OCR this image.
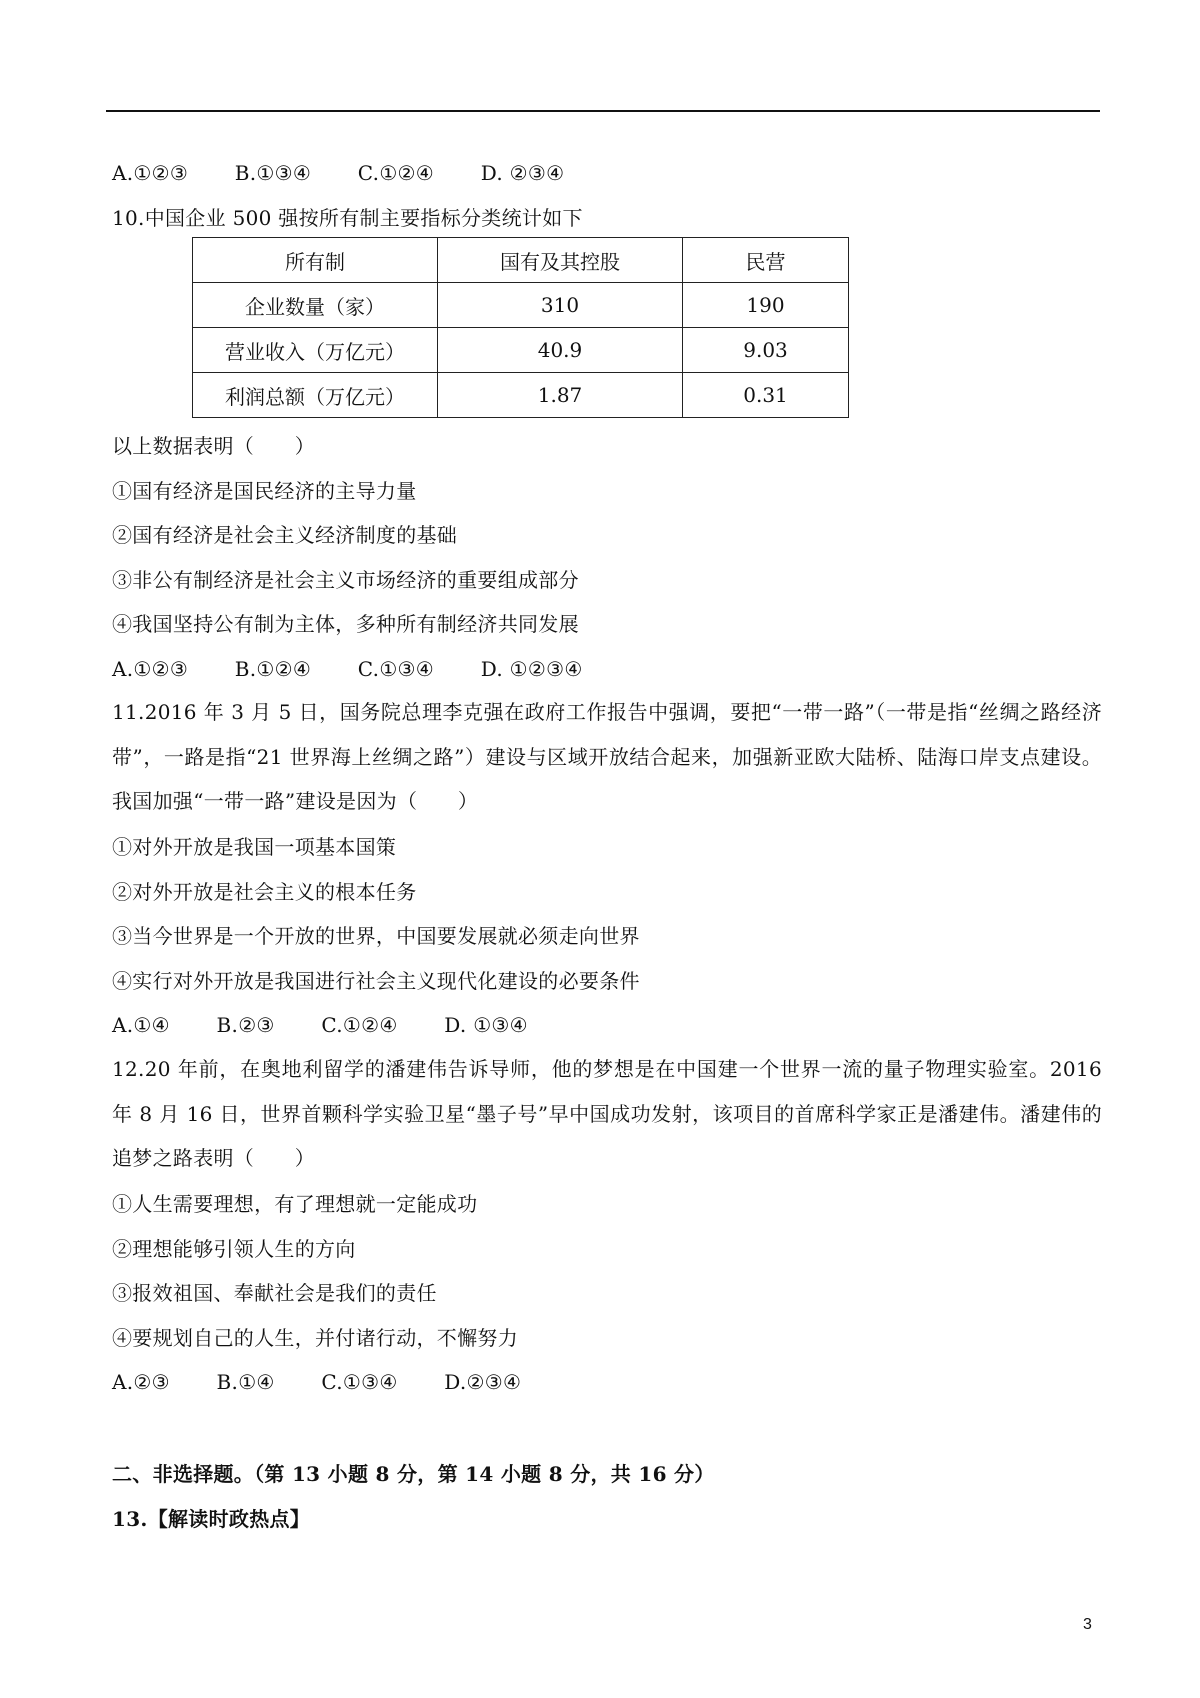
A.①②③ B.①③④ C.①②④ D. ②③④
10.中国企业 500 强按所有制主要指标分类统计如下
所有制	国有及其控股	民营
企业数量（家）	310	190
营业收入（万亿元）	40.9	9.03
利润总额（万亿元）	1.87	0.31
以上数据表明（　　）
①国有经济是国民经济的主导力量
②国有经济是社会主义经济制度的基础
③非公有制经济是社会主义市场经济的重要组成部分
④我国坚持公有制为主体，多种所有制经济共同发展
A.①②③ B.①②④ C.①③④ D. ①②③④
11.2016 年 3 月 5 日，国务院总理李克强在政府工作报告中强调，要把“一带一路”（一带是指“丝绸之路经济带”，一路是指“21 世界海上丝绸之路”）建设与区域开放结合起来，加强新亚欧大陆桥、陆海口岸支点建设。我国加强“一带一路”建设是因为（　　）
①对外开放是我国一项基本国策
②对外开放是社会主义的根本任务
③当今世界是一个开放的世界，中国要发展就必须走向世界
④实行对外开放是我国进行社会主义现代化建设的必要条件
A.①④ B.②③ C.①②④ D. ①③④
12.20 年前，在奥地利留学的潘建伟告诉导师，他的梦想是在中国建一个世界一流的量子物理实验室。2016 年 8 月 16 日，世界首颗科学实验卫星“墨子号”早中国成功发射，该项目的首席科学家正是潘建伟。潘建伟的追梦之路表明（　　）
①人生需要理想，有了理想就一定能成功
②理想能够引领人生的方向
③报效祖国、奉献社会是我们的责任
④要规划自己的人生，并付诸行动，不懈努力
A.②③ B.①④ C.①③④ D.②③④
二、非选择题。（第 13 小题 8 分，第 14 小题 8 分，共 16 分）
13.【解读时政热点】
3
